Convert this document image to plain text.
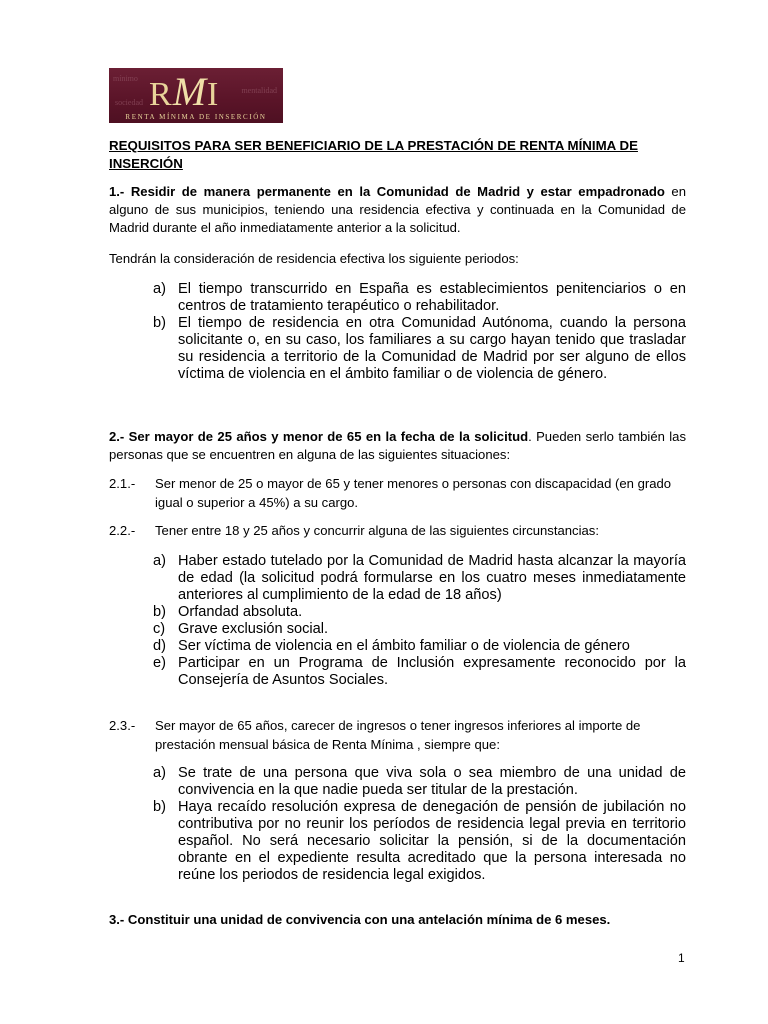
mínimo
mentalidad
sociedad RMI
RENTA MÍNIMA DE INSERCIÓN
REQUISITOS PARA SER BENEFICIARIO DE LA PRESTACIÓN DE RENTA MÍNIMA DE INSERCIÓN
1.- Residir de manera permanente en la Comunidad de Madrid y estar empadronado en alguno de sus municipios, teniendo una residencia efectiva y continuada en la Comunidad de Madrid durante el año inmediatamente anterior a la solicitud.
Tendrán la consideración de residencia efectiva los siguiente periodos:
a) El tiempo transcurrido en España es establecimientos penitenciarios o en centros de tratamiento terapéutico o rehabilitador.
b) El tiempo de residencia en otra Comunidad Autónoma, cuando la persona solicitante o, en su caso, los familiares a su cargo hayan tenido que trasladar su residencia a territorio de la Comunidad de Madrid por ser alguno de ellos víctima de violencia en el ámbito familiar o de violencia de género.
2.- Ser mayor de 25 años y menor de 65 en la fecha de la solicitud. Pueden serlo también las personas que se encuentren en alguna de las siguientes situaciones:
2.1.- Ser menor de 25 o mayor de 65 y tener menores o personas con discapacidad (en grado igual o superior a 45%) a su cargo.
2.2.- Tener entre 18 y 25 años y concurrir alguna de las siguientes circunstancias:
a) Haber estado tutelado por la Comunidad de Madrid hasta alcanzar la mayoría de edad (la solicitud podrá formularse en los cuatro meses inmediatamente anteriores al cumplimiento de la edad de 18 años)
b) Orfandad absoluta.
c) Grave exclusión social.
d) Ser víctima de violencia en el ámbito familiar o de violencia de género
e) Participar en un Programa de Inclusión expresamente reconocido por la Consejería de Asuntos Sociales.
2.3.- Ser mayor de 65 años, carecer de ingresos o tener ingresos inferiores al importe de prestación mensual básica de Renta Mínima , siempre que:
a) Se trate de una persona que viva sola o sea miembro de una unidad de convivencia en la que nadie pueda ser titular de la prestación.
b) Haya recaído resolución expresa de denegación de pensión de jubilación no contributiva por no reunir los períodos de residencia legal previa en territorio español. No será necesario solicitar la pensión, si de la documentación obrante en el expediente resulta acreditado que la persona interesada no reúne los periodos de residencia legal exigidos.
3.- Constituir una unidad de convivencia con una antelación mínima de 6 meses.
1
